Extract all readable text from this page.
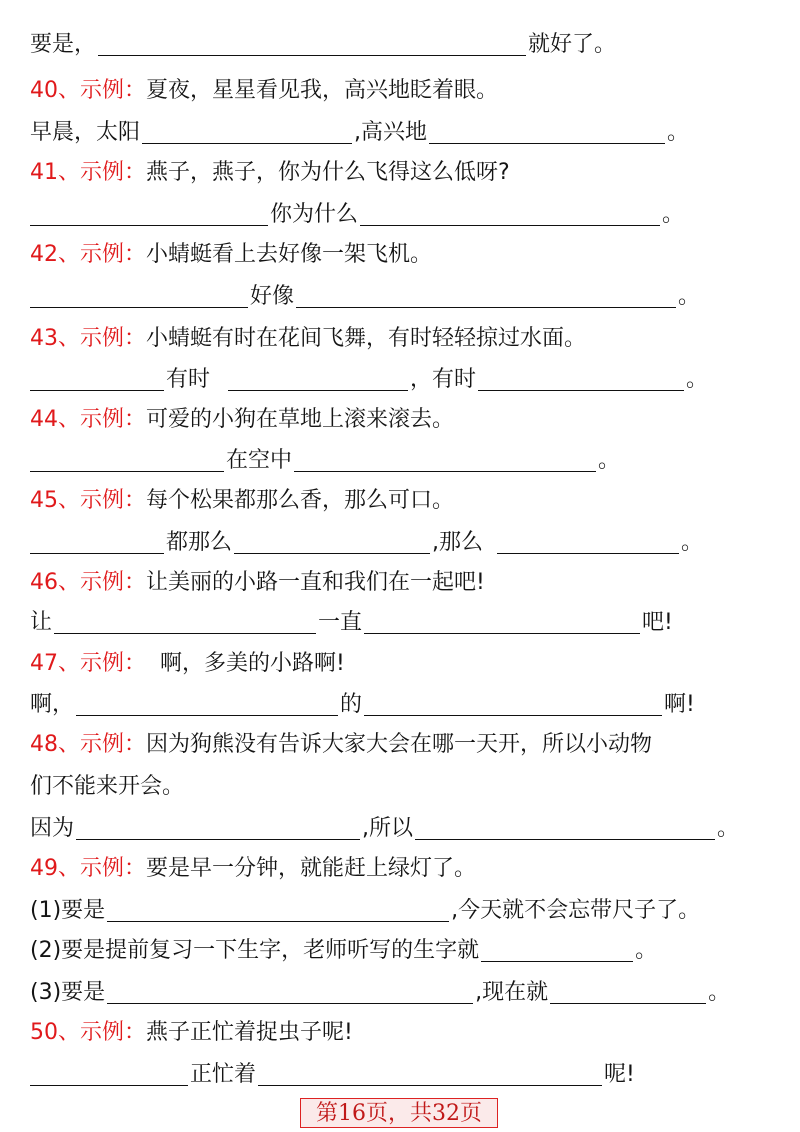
要是，	就好了。
40、 示例： 夏夜，星星看见我，高兴地眨着眼。
早晨，太阳	,高兴地	。
41、 示例： 燕子，燕子，你为什么飞得这么低呀?
你为什么	。
42、 示例： 小蜻蜓看上去好像一架飞机。
好像	。
43、 示例： 小蜻蜓有时在花间飞舞，有时轻轻掠过水面。
有时	，有时	。
44、 示例： 可爱的小狗在草地上滚来滚去。
在空中	。
45、 示例： 每个松果都那么香，那么可口。
都那么	,那么	。
46、 示例： 让美丽的小路一直和我们在一起吧!
让	一直	吧!
47、 示例： 啊，多美的小路啊!
啊，	的	啊!
48、 示例： 因为狗熊没有告诉大家大会在哪一天开，所以小动物
们不能来开会。
因为	,所以	。
49、 示例： 要是早一分钟，就能赶上绿灯了。
(1)要是	,今天就不会忘带尺子了。
(2)要是提前复习一下生字，老师听写的生字就	。
(3)要是	,现在就	。
50、 示例： 燕子正忙着捉虫子呢!
正忙着	呢!
第16页，共32页
